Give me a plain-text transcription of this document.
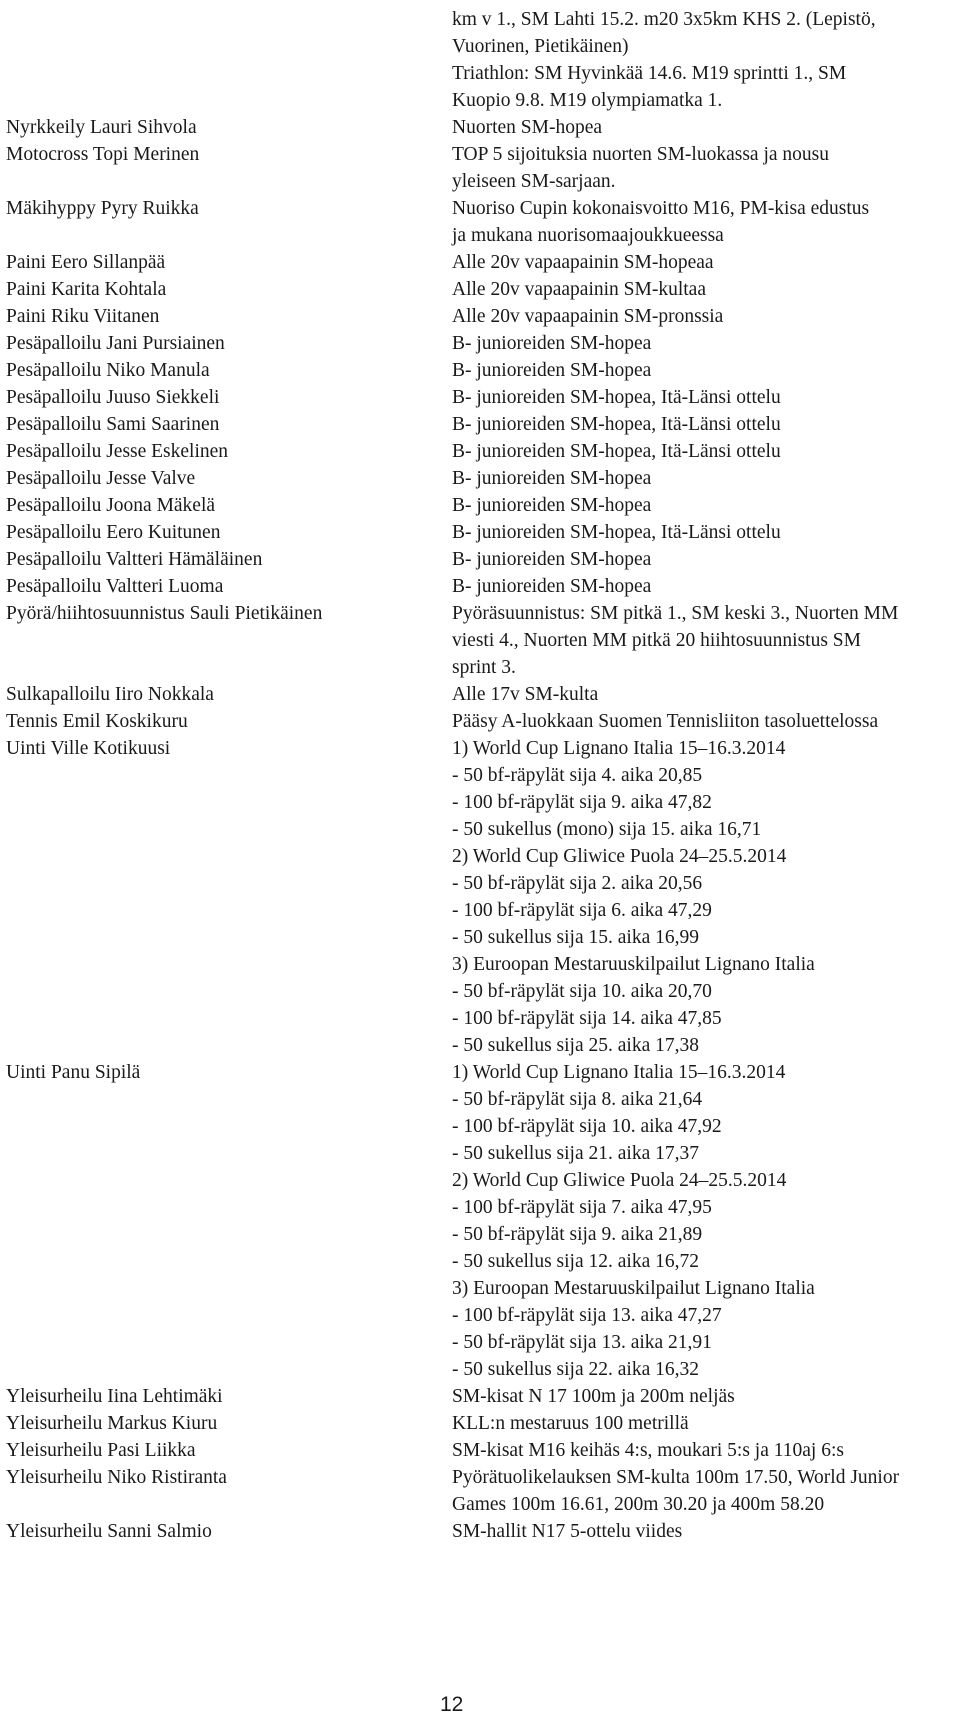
km v 1., SM Lahti 15.2. m20 3x5km KHS 2. (Lepistö,
Vuorinen, Pietikäinen)
Triathlon: SM Hyvinkää 14.6. M19 sprintti 1., SM
Kuopio 9.8. M19 olympiamatka 1.
Nyrkkeily Lauri Sihvola	Nuorten SM-hopea
Motocross Topi Merinen	TOP 5 sijoituksia nuorten SM-luokassa ja nousu
yleiseen SM-sarjaan.
Mäkihyppy Pyry Ruikka	Nuoriso Cupin kokonaisvoitto M16, PM-kisa edustus
ja mukana nuorisomaajoukkueessa
Paini Eero Sillanpää	Alle 20v vapaapainin SM-hopeaa
Paini Karita Kohtala	Alle 20v vapaapainin SM-kultaa
Paini Riku Viitanen	Alle 20v vapaapainin SM-pronssia
Pesäpalloilu Jani Pursiainen	B- junioreiden SM-hopea
Pesäpalloilu Niko Manula	B- junioreiden SM-hopea
Pesäpalloilu Juuso Siekkeli	B- junioreiden SM-hopea, Itä-Länsi ottelu
Pesäpalloilu Sami Saarinen	B- junioreiden SM-hopea, Itä-Länsi ottelu
Pesäpalloilu Jesse Eskelinen	B- junioreiden SM-hopea, Itä-Länsi ottelu
Pesäpalloilu Jesse Valve	B- junioreiden SM-hopea
Pesäpalloilu Joona Mäkelä	B- junioreiden SM-hopea
Pesäpalloilu Eero Kuitunen	B- junioreiden SM-hopea, Itä-Länsi ottelu
Pesäpalloilu Valtteri Hämäläinen	B- junioreiden SM-hopea
Pesäpalloilu Valtteri Luoma	B- junioreiden SM-hopea
Pyörä/hiihtosuunnistus Sauli Pietikäinen	Pyöräsuunnistus: SM pitkä 1., SM keski 3., Nuorten MM
viesti 4., Nuorten MM pitkä 20 hiihtosuunnistus SM
sprint 3.
Sulkapalloilu Iiro Nokkala	Alle 17v SM-kulta
Tennis Emil Koskikuru	Pääsy A-luokkaan Suomen Tennisliiton tasoluettelossa
Uinti Ville Kotikuusi	1) World Cup Lignano Italia 15–16.3.2014
- 50 bf-räpylät sija 4. aika 20,85
- 100 bf-räpylät sija 9. aika 47,82
- 50 sukellus (mono) sija 15. aika 16,71
2) World Cup Gliwice Puola 24–25.5.2014
- 50 bf-räpylät sija 2. aika 20,56
- 100 bf-räpylät sija 6. aika 47,29
- 50 sukellus sija 15. aika 16,99
3) Euroopan Mestaruuskilpailut Lignano Italia
- 50 bf-räpylät sija 10. aika 20,70
- 100 bf-räpylät sija 14. aika 47,85
- 50 sukellus sija 25. aika 17,38
Uinti Panu Sipilä	1) World Cup Lignano Italia 15–16.3.2014
- 50 bf-räpylät sija 8. aika 21,64
- 100 bf-räpylät sija 10. aika 47,92
- 50 sukellus sija 21. aika 17,37
2) World Cup Gliwice Puola 24–25.5.2014
- 100 bf-räpylät sija 7. aika 47,95
- 50 bf-räpylät sija 9. aika 21,89
- 50 sukellus sija 12. aika 16,72
3) Euroopan Mestaruuskilpailut Lignano Italia
- 100 bf-räpylät sija 13. aika 47,27
- 50 bf-räpylät sija 13. aika 21,91
- 50 sukellus sija 22. aika 16,32
Yleisurheilu Iina Lehtimäki	SM-kisat N 17 100m ja 200m neljäs
Yleisurheilu Markus Kiuru	KLL:n mestaruus 100 metrillä
Yleisurheilu Pasi Liikka	SM-kisat M16 keihäs 4:s, moukari 5:s ja 110aj 6:s
Yleisurheilu Niko Ristiranta	Pyörätuolikelauksen SM-kulta 100m 17.50, World Junior
Games 100m 16.61, 200m 30.20 ja 400m 58.20
Yleisurheilu Sanni Salmio	SM-hallit N17 5-ottelu viides
12
